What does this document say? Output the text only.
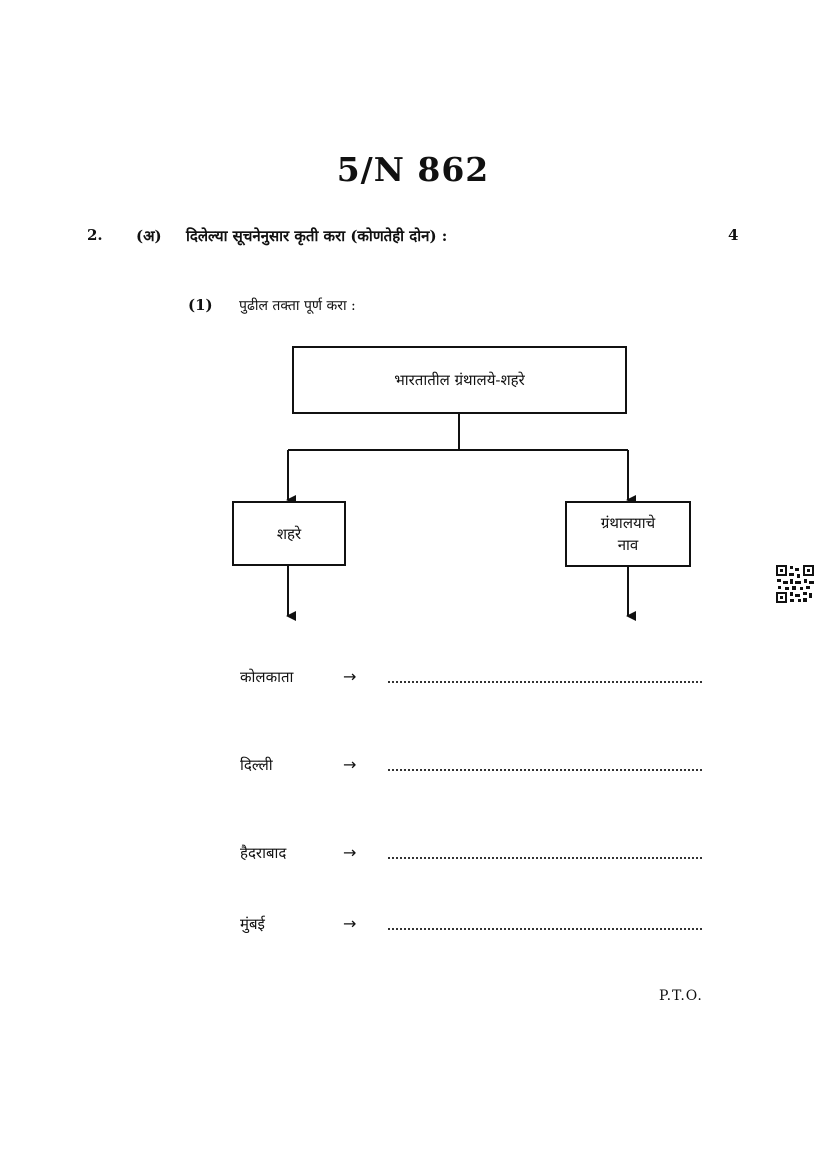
5/N 862
2. (अ) दिलेल्या सूचनेनुसार कृती करा (कोणतेही दोन) :	4
(1) पुढील तक्ता पूर्ण करा :
भारतातील ग्रंथालये-शहरे
शहरे
ग्रंथालयाचे
नाव
कोलकाता	→
दिल्ली	→
हैदराबाद	→
मुंबई	→
P.T.O.
